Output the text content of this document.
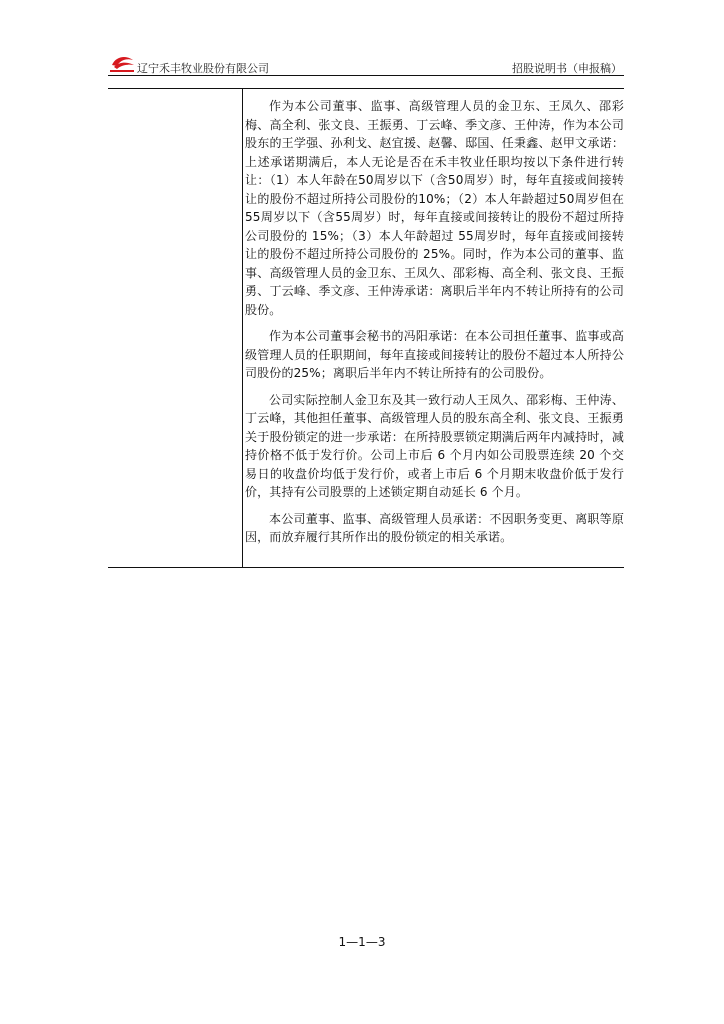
辽宁禾丰牧业股份有限公司	招股说明书（申报稿）

作为本公司董事、监事、高级管理人员的金卫东、王凤久、邵彩梅、高全利、张文良、王振勇、丁云峰、季文彦、王仲涛，作为本公司股东的王学强、孙利戈、赵宜援、赵馨、邸国、任秉鑫、赵甲文承诺：上述承诺期满后，本人无论是否在禾丰牧业任职均按以下条件进行转让：（1）本人年龄在50周岁以下（含50周岁）时，每年直接或间接转让的股份不超过所持公司股份的10%；（2）本人年龄超过50周岁但在55周岁以下（含55周岁）时，每年直接或间接转让的股份不超过所持公司股份的 15%；（3）本人年龄超过 55周岁时，每年直接或间接转让的股份不超过所持公司股份的 25%。同时，作为本公司的董事、监事、高级管理人员的金卫东、王凤久、邵彩梅、高全利、张文良、王振勇、丁云峰、季文彦、王仲涛承诺：离职后半年内不转让所持有的公司股份。

作为本公司董事会秘书的冯阳承诺：在本公司担任董事、监事或高级管理人员的任职期间，每年直接或间接转让的股份不超过本人所持公司股份的25%；离职后半年内不转让所持有的公司股份。

公司实际控制人金卫东及其一致行动人王凤久、邵彩梅、王仲涛、丁云峰，其他担任董事、高级管理人员的股东高全利、张文良、王振勇关于股份锁定的进一步承诺：在所持股票锁定期满后两年内减持时，减持价格不低于发行价。公司上市后 6 个月内如公司股票连续 20 个交易日的收盘价均低于发行价，或者上市后 6 个月期末收盘价低于发行价，其持有公司股票的上述锁定期自动延长 6 个月。

本公司董事、监事、高级管理人员承诺：不因职务变更、离职等原因，而放弃履行其所作出的股份锁定的相关承诺。

1—1—3
